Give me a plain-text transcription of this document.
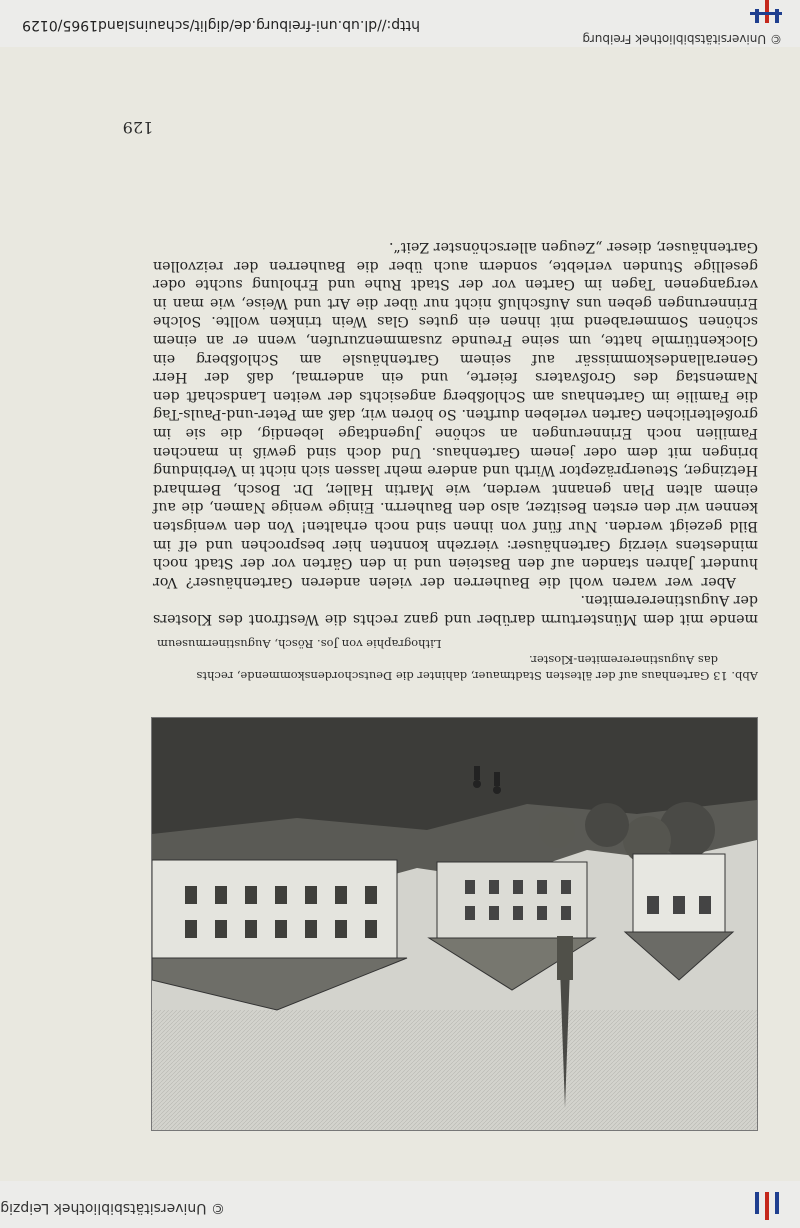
© Universitätsbibliothek Leipzig
Abb. 13 Gartenhaus auf der ältesten Stadtmauer, dahinter die Deutschordenskommende, rechts
das Augustinereremiten-Kloster.
Lithographie von Jos. Rösch, Augustinermuseum

mende mit dem Münsterturm darüber und ganz rechts die Westfront des Klosters der Augustinereremiten.

Aber wer waren wohl die Bauherren der vielen anderen Gartenhäuser? Vor hundert Jahren standen auf den Basteien und in den Gärten vor der Stadt noch mindestens vierzig Gartenhäuser: vierzehn konnten hier besprochen und elf im Bild gezeigt werden. Nur fünf von ihnen sind noch erhalten! Von den wenigsten kennen wir den ersten Besitzer, also den Bauherrn. Einige wenige Namen, die auf einem alten Plan genannt werden, wie Martin Haller, Dr. Bosch, Bernhard Hetzinger, Steuerpräzeptor Wirth und andere mehr lassen sich nicht in Verbindung bringen mit dem oder jenem Gartenhaus. Und doch sind gewiß in manchen Familien noch Erinnerungen an schöne Jugendtage lebendig, die sie im großelterlichen Garten verleben durften. So hören wir, daß am Peter-und-Pauls-Tag die Familie im Gartenhaus am Schloßberg angesichts der weiten Landschaft den Namenstag des Großvaters feierte, und ein andermal, daß der Herr Generallandeskommissär auf seinem Gartenhäusle am Schloßberg ein Glockentürmle hatte, um seine Freunde zusammenzurufen, wenn er an einem schönen Sommerabend mit ihnen ein gutes Glas Wein trinken wollte. Solche Erinnerungen geben uns Aufschluß nicht nur über die Art und Weise, wie man in vergangenen Tagen im Garten vor der Stadt Ruhe und Erholung suchte oder gesellige Stunden verlebte, sondern auch über die Bauherren der reizvollen Gartenhäuser, dieser „Zeugen allerschönster Zeit“.

129
© Universitätsbibliothek Freiburg
http://dl.ub.uni-freiburg.de/diglit/schauinsland1965/0129
